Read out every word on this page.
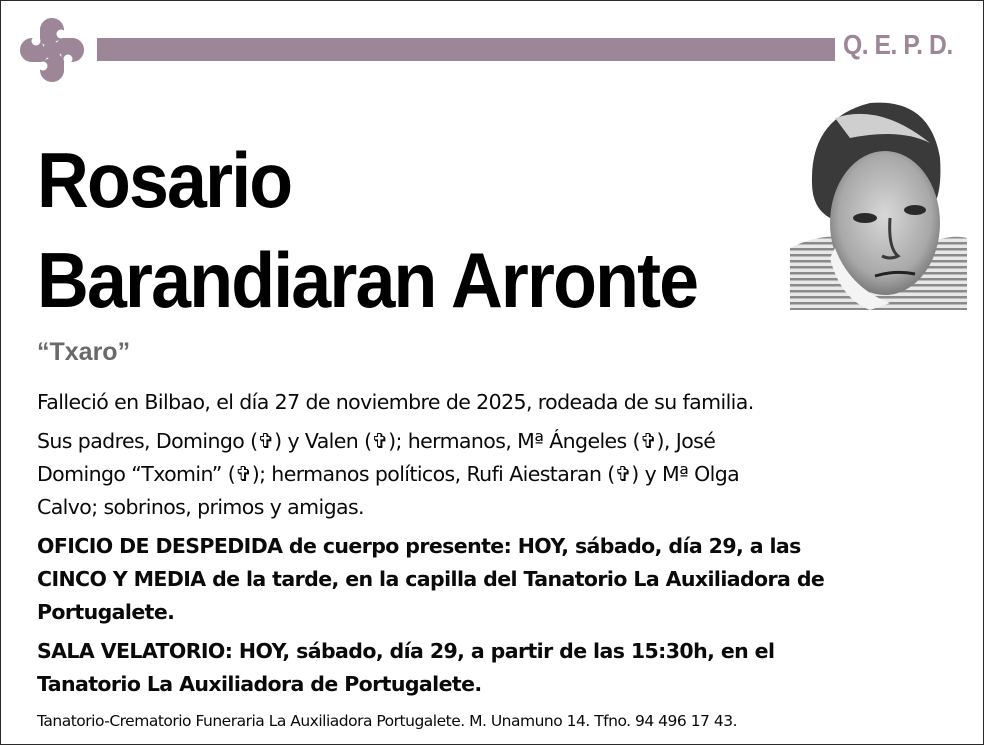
Q. E. P. D.
Rosario
Barandiaran Arronte
“Txaro”

Falleció en Bilbao, el día 27 de noviembre de 2025, rodeada de su familia.

Sus padres, Domingo (✞) y Valen (✞); hermanos, Mª Ángeles (✞), José
Domingo “Txomin” (✞); hermanos políticos, Rufi Aiestaran (✞) y Mª Olga
Calvo; sobrinos, primos y amigas.

OFICIO DE DESPEDIDA de cuerpo presente: HOY, sábado, día 29, a las
CINCO Y MEDIA de la tarde, en la capilla del Tanatorio La Auxiliadora de
Portugalete.

SALA VELATORIO: HOY, sábado, día 29, a partir de las 15:30h, en el
Tanatorio La Auxiliadora de Portugalete.

Tanatorio-Crematorio Funeraria La Auxiliadora Portugalete. M. Unamuno 14. Tfno. 94 496 17 43.
